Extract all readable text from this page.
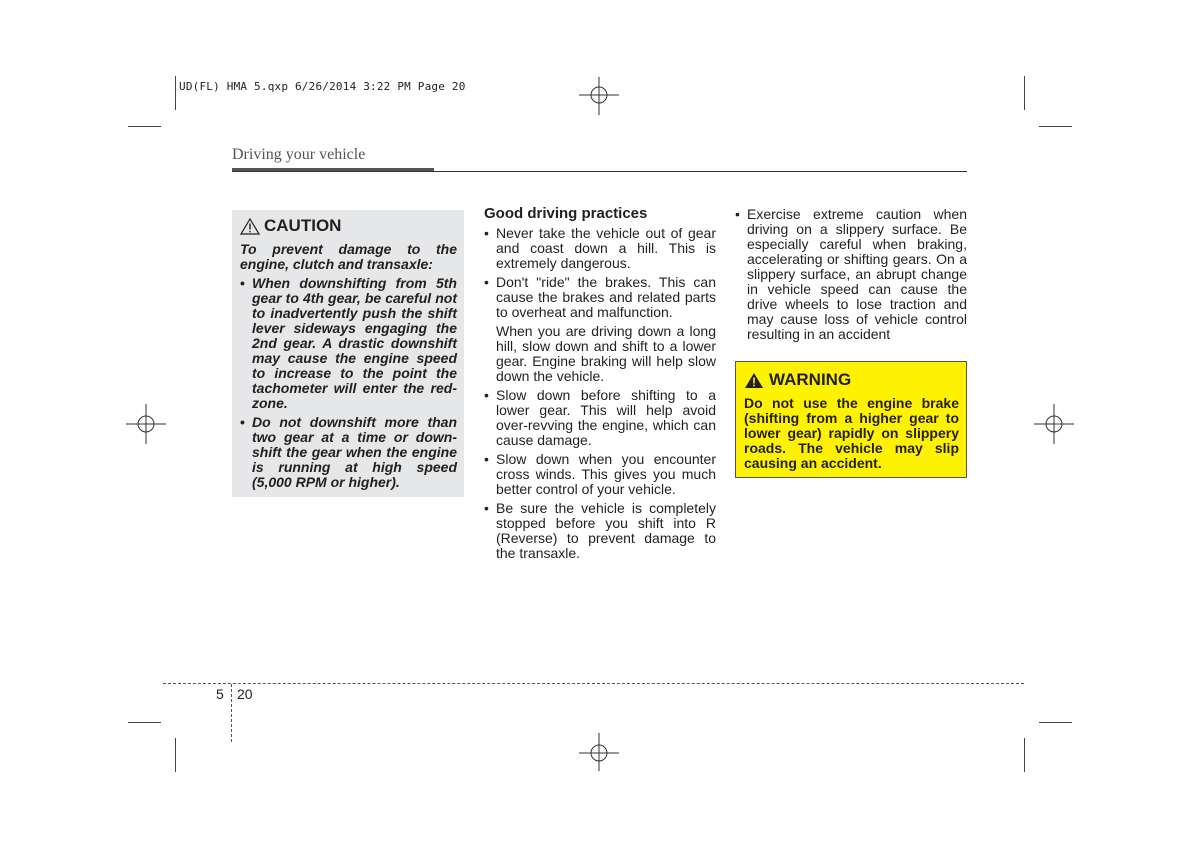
UD(FL) HMA 5.qxp 6/26/2014 3:22 PM Page 20
Driving your vehicle
CAUTION
To prevent damage to the engine, clutch and transaxle:
• When downshifting from 5th gear to 4th gear, be careful not to inadvertently push the shift lever sideways engaging the 2nd gear. A drastic downshift may cause the engine speed to increase to the point the tachometer will enter the red-zone.
• Do not downshift more than two gear at a time or down-shift the gear when the engine is running at high speed (5,000 RPM or higher).
Good driving practices

• Never take the vehicle out of gear and coast down a hill. This is extremely dangerous.

• Don't "ride" the brakes. This can cause the brakes and related parts to overheat and malfunction.

When you are driving down a long hill, slow down and shift to a lower gear. Engine braking will help slow down the vehicle.

• Slow down before shifting to a lower gear. This will help avoid over-revving the engine, which can cause damage.

• Slow down when you encounter cross winds. This gives you much better control of your vehicle.

• Be sure the vehicle is completely stopped before you shift into R (Reverse) to prevent damage to the transaxle.

• Exercise extreme caution when driving on a slippery surface. Be especially careful when braking, accelerating or shifting gears. On a slippery surface, an abrupt change in vehicle speed can cause the drive wheels to lose traction and may cause loss of vehicle control resulting in an accident

WARNING
Do not use the engine brake (shifting from a higher gear to lower gear) rapidly on slippery roads. The vehicle may slip causing an accident.
5 20
